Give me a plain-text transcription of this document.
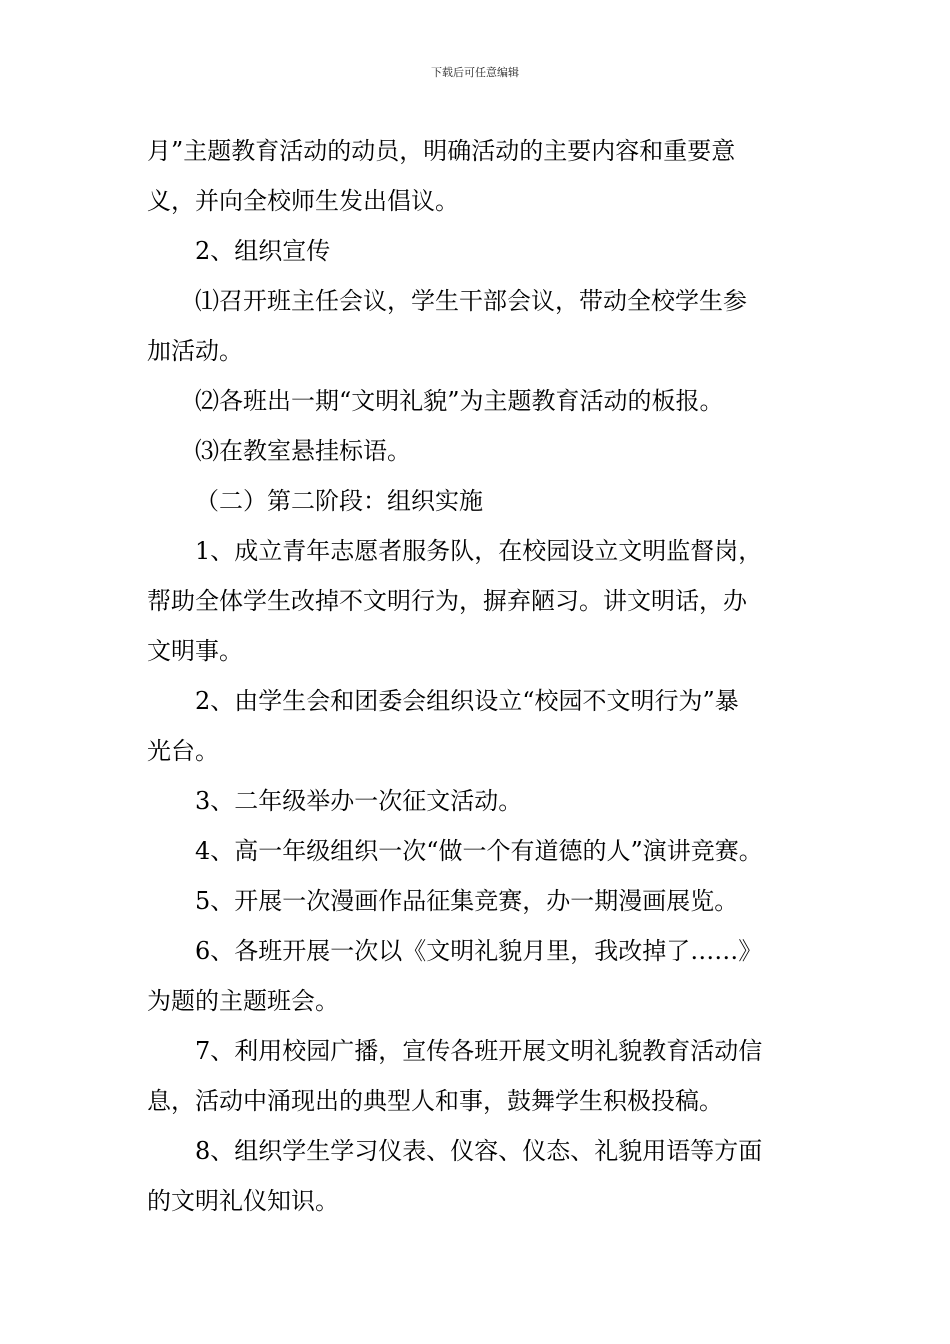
下载后可任意编辑
月”主题教育活动的动员，明确活动的主要内容和重要意
义，并向全校师生发出倡议。
2、组织宣传
⑴召开班主任会议，学生干部会议，带动全校学生参
加活动。
⑵各班出一期“文明礼貌”为主题教育活动的板报。
⑶在教室悬挂标语。
（二）第二阶段：组织实施
1、成立青年志愿者服务队，在校园设立文明监督岗，
帮助全体学生改掉不文明行为，摒弃陋习。讲文明话，办
文明事。
2、由学生会和团委会组织设立“校园不文明行为”暴
光台。
3、二年级举办一次征文活动。
4、高一年级组织一次“做一个有道德的人”演讲竞赛。
5、开展一次漫画作品征集竞赛，办一期漫画展览。
6、各班开展一次以《文明礼貌月里，我改掉了……》
为题的主题班会。
7、利用校园广播，宣传各班开展文明礼貌教育活动信
息，活动中涌现出的典型人和事，鼓舞学生积极投稿。
8、组织学生学习仪表、仪容、仪态、礼貌用语等方面
的文明礼仪知识。
